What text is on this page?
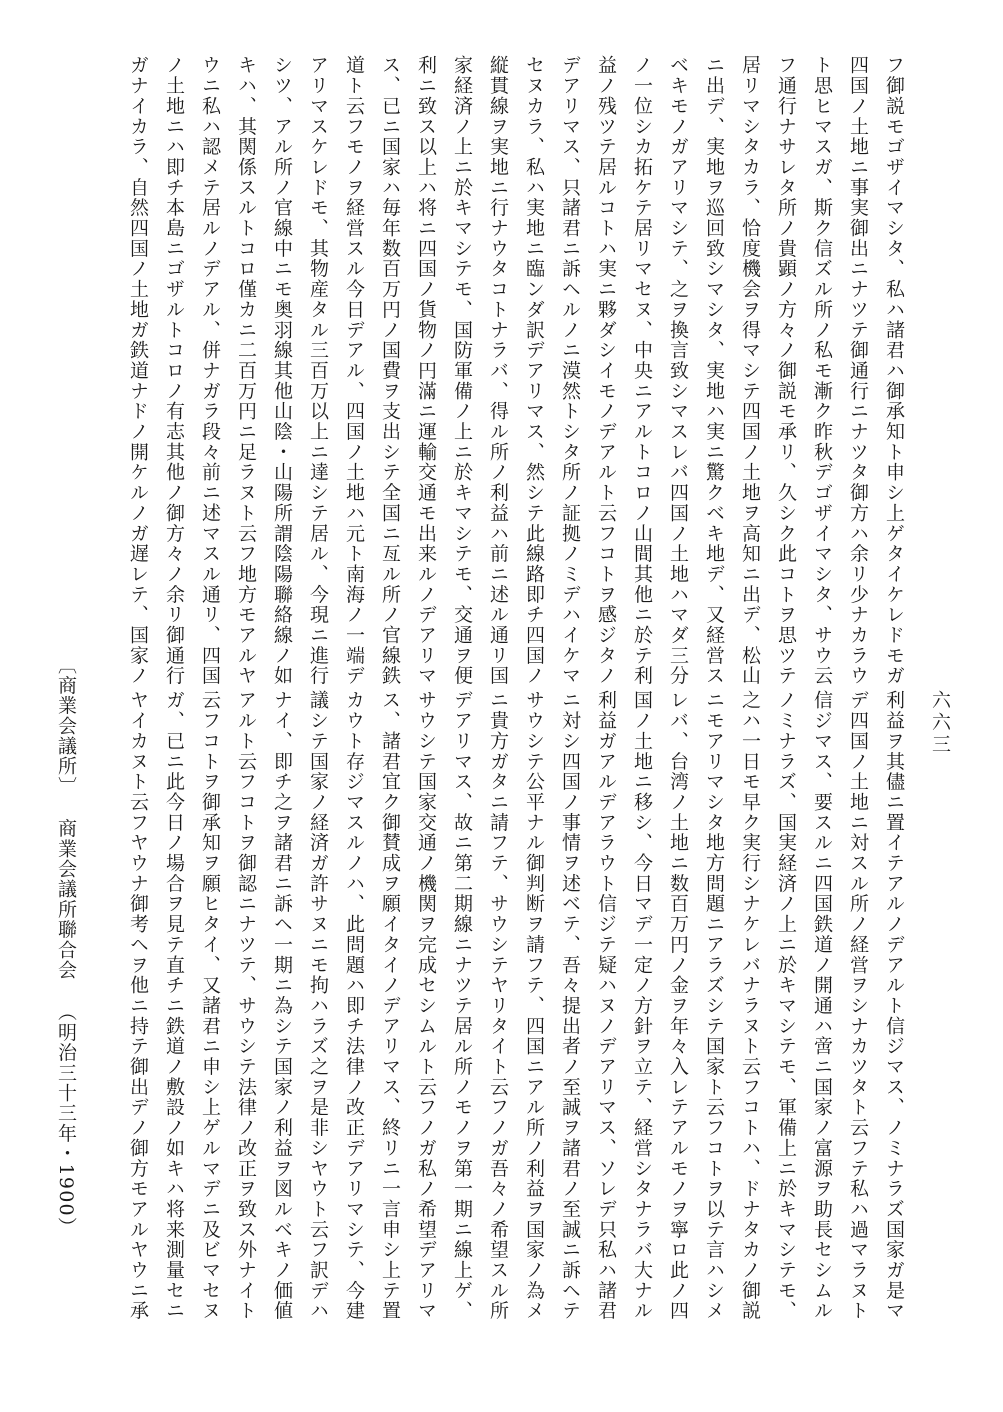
フ御説モゴザイマシタ、私ハ諸君ハ御承知ト申シ上ゲタイケレドモガ
四国ノ土地ニ事実御出ニナツテ御通行ニナツタ御方ハ余リ少ナカラウ
ト思ヒマスガ、斯ク信ズル所ノ私モ漸ク昨秋デゴザイマシタ、サウ云
フ通行ナサレタ所ノ貴顕ノ方々ノ御説モ承リ、久シク此コトヲ思ツテ
居リマシタカラ、恰度機会ヲ得マシテ四国ノ土地ヲ高知ニ出デ、松山
ニ出デ、実地ヲ巡回致シマシタ、実地ハ実ニ驚クベキ地デ、又経営ス
ベキモノガアリマシテ、之ヲ換言致シマスレバ四国ノ土地ハマダ三分
ノ一位シカ拓ケテ居リマセヌ、中央ニアルトコロノ山間其他ニ於テ利
益ノ残ツテ居ルコトハ実ニ夥ダシイモノデアルト云フコトヲ感ジタノ
デアリマス、只諸君ニ訴ヘルノニ漠然トシタ所ノ証拠ノミデハイケマ
セヌカラ、私ハ実地ニ臨ンダ訳デアリマス、然シテ此線路即チ四国ノ
縦貫線ヲ実地ニ行ナウタコトナラバ、得ル所ノ利益ハ前ニ述ル通リ国
家経済ノ上ニ於キマシテモ、国防軍備ノ上ニ於キマシテモ、交通ヲ便
利ニ致ス以上ハ将ニ四国ノ貨物ノ円滿ニ運輸交通モ出来ルノデアリマ
ス、已ニ国家ハ毎年数百万円ノ国費ヲ支出シテ全国ニ亙ル所ノ官線鉄
道ト云フモノヲ経営スル今日デアル、四国ノ土地ハ元ト南海ノ一端デ
アリマスケレドモ、其物産タル三百万以上ニ達シテ居ル、今現ニ進行
シツ、アル所ノ官線中ニモ奥羽線其他山陰・山陽所謂陰陽聯絡線ノ如
キハ、其関係スルトコロ僅カニ二百万円ニ足ラヌト云フ地方モアルヤ
ウニ私ハ認メテ居ルノデアル、併ナガラ段々前ニ述マスル通リ、四国
ノ土地ニハ即チ本島ニゴザルトコロノ有志其他ノ御方々ノ余リ御通行
ガナイカラ、自然四国ノ土地ガ鉄道ナドノ開ケルノガ遅レテ、国家ノ
〔商業会議所〕商業会議所聯合会（明治三十三年・1900）
六六三
利益ヲ其儘ニ置イテアルノデアルト信ジマス、ノミナラズ国家ガ是マ
デ四国ノ土地ニ対スル所ノ経営ヲシナカツタト云フテ私ハ過マラヌト
信ジマス、要スルニ四国鉄道ノ開通ハ啻ニ国家ノ富源ヲ助長セシムル
ノミナラズ、国実経済ノ上ニ於キマシテモ、軍備上ニ於キマシテモ、
之ハ一日モ早ク実行シナケレバナラヌト云フコトハ、ドナタカノ御説
ニモアリマシタ地方問題ニアラズシテ国家ト云フコトヲ以テ言ハシメ
レバ、台湾ノ土地ニ数百万円ノ金ヲ年々入レテアルモノヲ寧ロ此ノ四
国ノ土地ニ移シ、今日マデ一定ノ方針ヲ立テ、経営シタナラバ大ナル
利益ガアルデアラウト信ジテ疑ハヌノデアリマス、ソレデ只私ハ諸君
ニ対シ四国ノ事情ヲ述ベテ、吾々提出者ノ至誠ヲ諸君ノ至誠ニ訴ヘテ
サウシテ公平ナル御判断ヲ請フテ、四国ニアル所ノ利益ヲ国家ノ為メ
ニ貴方ガタニ請フテ、サウシテヤリタイト云フノガ吾々ノ希望スル所
デアリマス、故ニ第二期線ニナツテ居ル所ノモノヲ第一期ニ線上ゲ、
サウシテ国家交通ノ機関ヲ完成セシムルト云フノガ私ノ希望デアリマ
ス、諸君宜ク御賛成ヲ願イタイノデアリマス、終リニ一言申シ上テ置
カウト存ジマスルノハ、此問題ハ即チ法律ノ改正デアリマシテ、今建
議シテ国家ノ経済ガ許サヌニモ拘ハラズ之ヲ是非シヤウト云フ訳デハ
ナイ、即チ之ヲ諸君ニ訴ヘ一期ニ為シテ国家ノ利益ヲ図ルベキノ価値
アルト云フコトヲ御認ニナツテ、サウシテ法律ノ改正ヲ致ス外ナイト
云フコトヲ御承知ヲ願ヒタイ、又諸君ニ申シ上ゲルマデニ及ビマセヌ
ガ、已ニ此今日ノ場合ヲ見テ直チニ鉄道ノ敷設ノ如キハ将来測量セニ
ヤイカヌト云フヤウナ御考ヘヲ他ニ持テ御出デノ御方モアルヤウニ承
